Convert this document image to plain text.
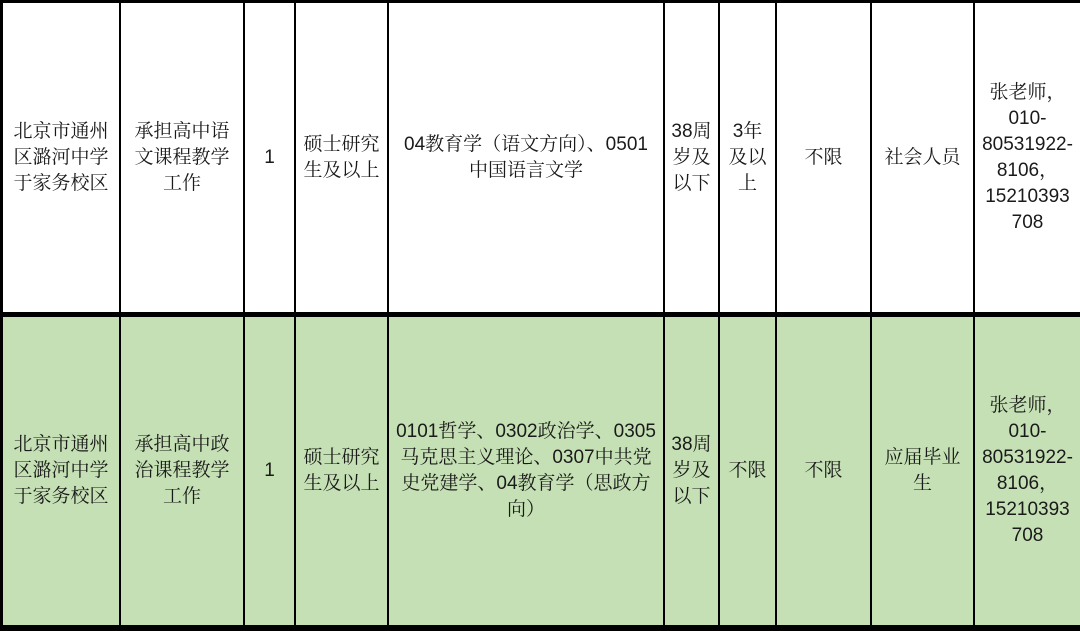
北京市通州区潞河中学于家务校区
承担高中语文课程教学工作
1
硕士研究生及以上
04教育学（语文方向）、0501中国语言文学
38周岁及以下
3年及以上
不限	社会人员
张老师，010-80531922-8106，15210393708
北京市通州区潞河中学于家务校区
承担高中政治课程教学工作
1
硕士研究生及以上
0101哲学、0302政治学、0305马克思主义理论、0307中共党史党建学、04教育学（思政方向）
38周岁及以下
不限	不限
应届毕业生
张老师，010-80531922-8106，15210393708
